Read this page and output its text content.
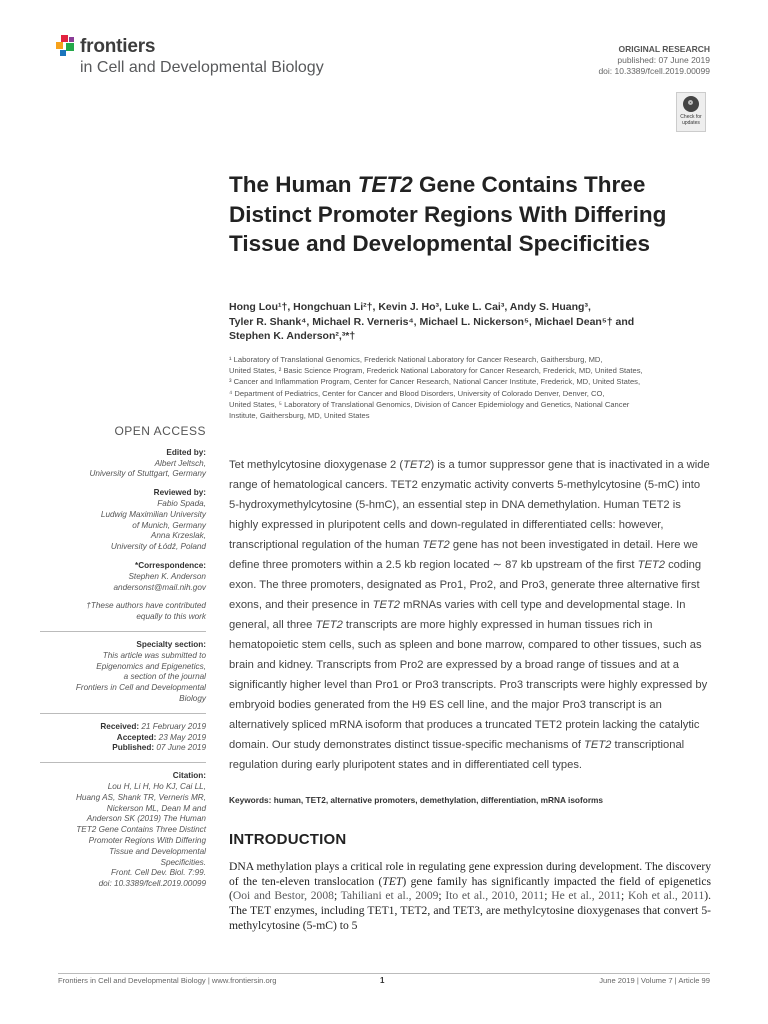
frontiers
in Cell and Developmental Biology
ORIGINAL RESEARCH
published: 07 June 2019
doi: 10.3389/fcell.2019.00099
Check for
updates
The Human TET2 Gene Contains Three Distinct Promoter Regions With Differing Tissue and Developmental Specificities
Hong Lou¹†, Hongchuan Li²†, Kevin J. Ho³, Luke L. Cai³, Andy S. Huang³,
Tyler R. Shank⁴, Michael R. Verneris⁴, Michael L. Nickerson⁵, Michael Dean⁵† and
Stephen K. Anderson²,³*†
¹ Laboratory of Translational Genomics, Frederick National Laboratory for Cancer Research, Gaithersburg, MD,
United States, ² Basic Science Program, Frederick National Laboratory for Cancer Research, Frederick, MD, United States,
³ Cancer and Inflammation Program, Center for Cancer Research, National Cancer Institute, Frederick, MD, United States,
⁴ Department of Pediatrics, Center for Cancer and Blood Disorders, University of Colorado Denver, Denver, CO,
United States, ⁵ Laboratory of Translational Genomics, Division of Cancer Epidemiology and Genetics, National Cancer
Institute, Gaithersburg, MD, United States
OPEN ACCESS
Edited by:
Albert Jeltsch,
University of Stuttgart, Germany
Reviewed by:
Fabio Spada,
Ludwig Maximilian University
of Munich, Germany
Anna Krzeslak,
University of Łódź, Poland
*Correspondence:
Stephen K. Anderson
andersonst@mail.nih.gov
†These authors have contributed
equally to this work
Specialty section:
This article was submitted to
Epigenomics and Epigenetics,
a section of the journal
Frontiers in Cell and Developmental
Biology
Received: 21 February 2019
Accepted: 23 May 2019
Published: 07 June 2019
Citation:
Lou H, Li H, Ho KJ, Cai LL,
Huang AS, Shank TR, Verneris MR,
Nickerson ML, Dean M and
Anderson SK (2019) The Human
TET2 Gene Contains Three Distinct
Promoter Regions With Differing
Tissue and Developmental
Specificities.
Front. Cell Dev. Biol. 7:99.
doi: 10.3389/fcell.2019.00099

Tet methylcytosine dioxygenase 2 (TET2) is a tumor suppressor gene that is inactivated in a wide range of hematological cancers. TET2 enzymatic activity converts 5-methylcytosine (5-mC) into 5-hydroxymethylcytosine (5-hmC), an essential step in DNA demethylation. Human TET2 is highly expressed in pluripotent cells and down-regulated in differentiated cells: however, transcriptional regulation of the human TET2 gene has not been investigated in detail. Here we define three promoters within a 2.5 kb region located ∼ 87 kb upstream of the first TET2 coding exon. The three promoters, designated as Pro1, Pro2, and Pro3, generate three alternative first exons, and their presence in TET2 mRNAs varies with cell type and developmental stage. In general, all three TET2 transcripts are more highly expressed in human tissues rich in hematopoietic stem cells, such as spleen and bone marrow, compared to other tissues, such as brain and kidney. Transcripts from Pro2 are expressed by a broad range of tissues and at a significantly higher level than Pro1 or Pro3 transcripts. Pro3 transcripts were highly expressed by embryoid bodies generated from the H9 ES cell line, and the major Pro3 transcript is an alternatively spliced mRNA isoform that produces a truncated TET2 protein lacking the catalytic domain. Our study demonstrates distinct tissue-specific mechanisms of TET2 transcriptional regulation during early pluripotent states and in differentiated cell types.

Keywords: human, TET2, alternative promoters, demethylation, differentiation, mRNA isoforms
INTRODUCTION

DNA methylation plays a critical role in regulating gene expression during development. The discovery of the ten-eleven translocation (TET) gene family has significantly impacted the field of epigenetics (Ooi and Bestor, 2008; Tahiliani et al., 2009; Ito et al., 2010, 2011; He et al., 2011; Koh et al., 2011). The TET enzymes, including TET1, TET2, and TET3, are methylcytosine dioxygenases that convert 5-methylcytosine (5-mC) to 5

Frontiers in Cell and Developmental Biology | www.frontiersin.org	1	June 2019 | Volume 7 | Article 99
